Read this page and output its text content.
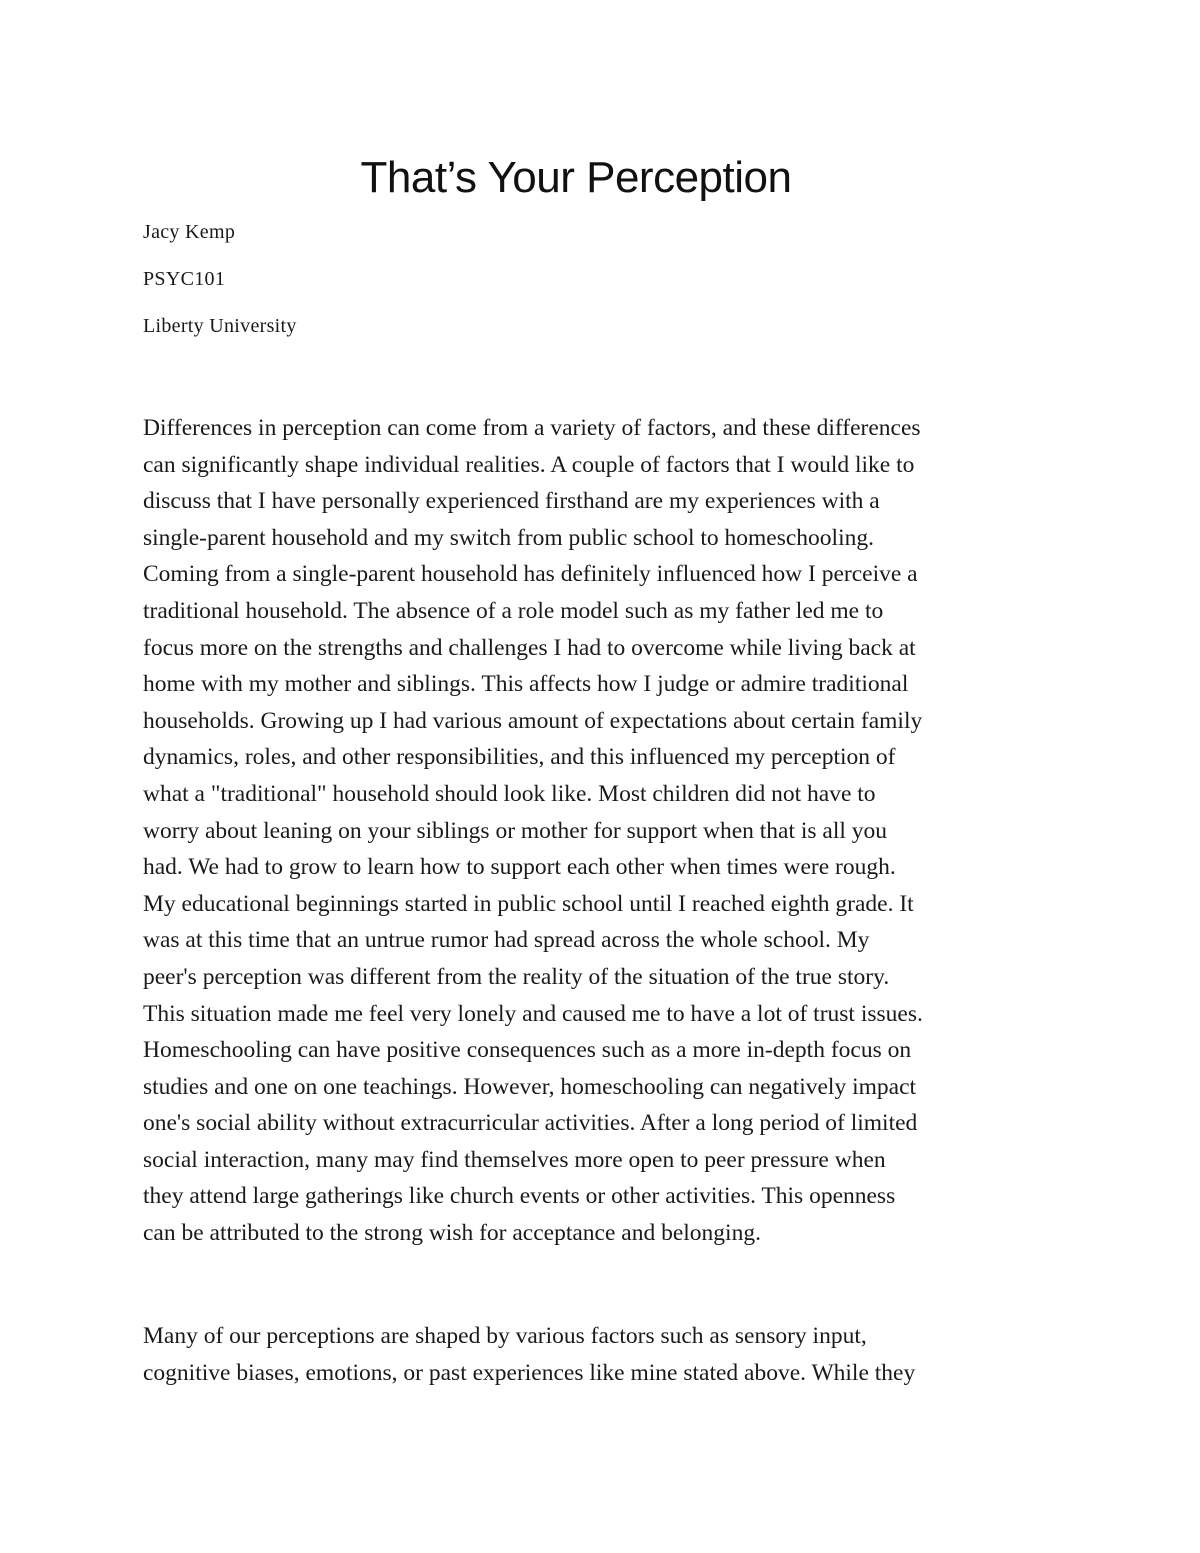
That’s Your Perception

Jacy Kemp

PSYC101

Liberty University

Differences in perception can come from a variety of factors, and these differences
can significantly shape individual realities. A couple of factors that I would like to
discuss that I have personally experienced firsthand are my experiences with a
single-parent household and my switch from public school to homeschooling.
Coming from a single-parent household has definitely influenced how I perceive a
traditional household. The absence of a role model such as my father led me to
focus more on the strengths and challenges I had to overcome while living back at
home with my mother and siblings. This affects how I judge or admire traditional
households. Growing up I had various amount of expectations about certain family
dynamics, roles, and other responsibilities, and this influenced my perception of
what a "traditional" household should look like. Most children did not have to
worry about leaning on your siblings or mother for support when that is all you
had. We had to grow to learn how to support each other when times were rough.
My educational beginnings started in public school until I reached eighth grade. It
was at this time that an untrue rumor had spread across the whole school. My
peer's perception was different from the reality of the situation of the true story.
This situation made me feel very lonely and caused me to have a lot of trust issues.
Homeschooling can have positive consequences such as a more in-depth focus on
studies and one on one teachings. However, homeschooling can negatively impact
one's social ability without extracurricular activities. After a long period of limited
social interaction, many may find themselves more open to peer pressure when
they attend large gatherings like church events or other activities. This openness
can be attributed to the strong wish for acceptance and belonging.
Many of our perceptions are shaped by various factors such as sensory input,
cognitive biases, emotions, or past experiences like mine stated above. While they
